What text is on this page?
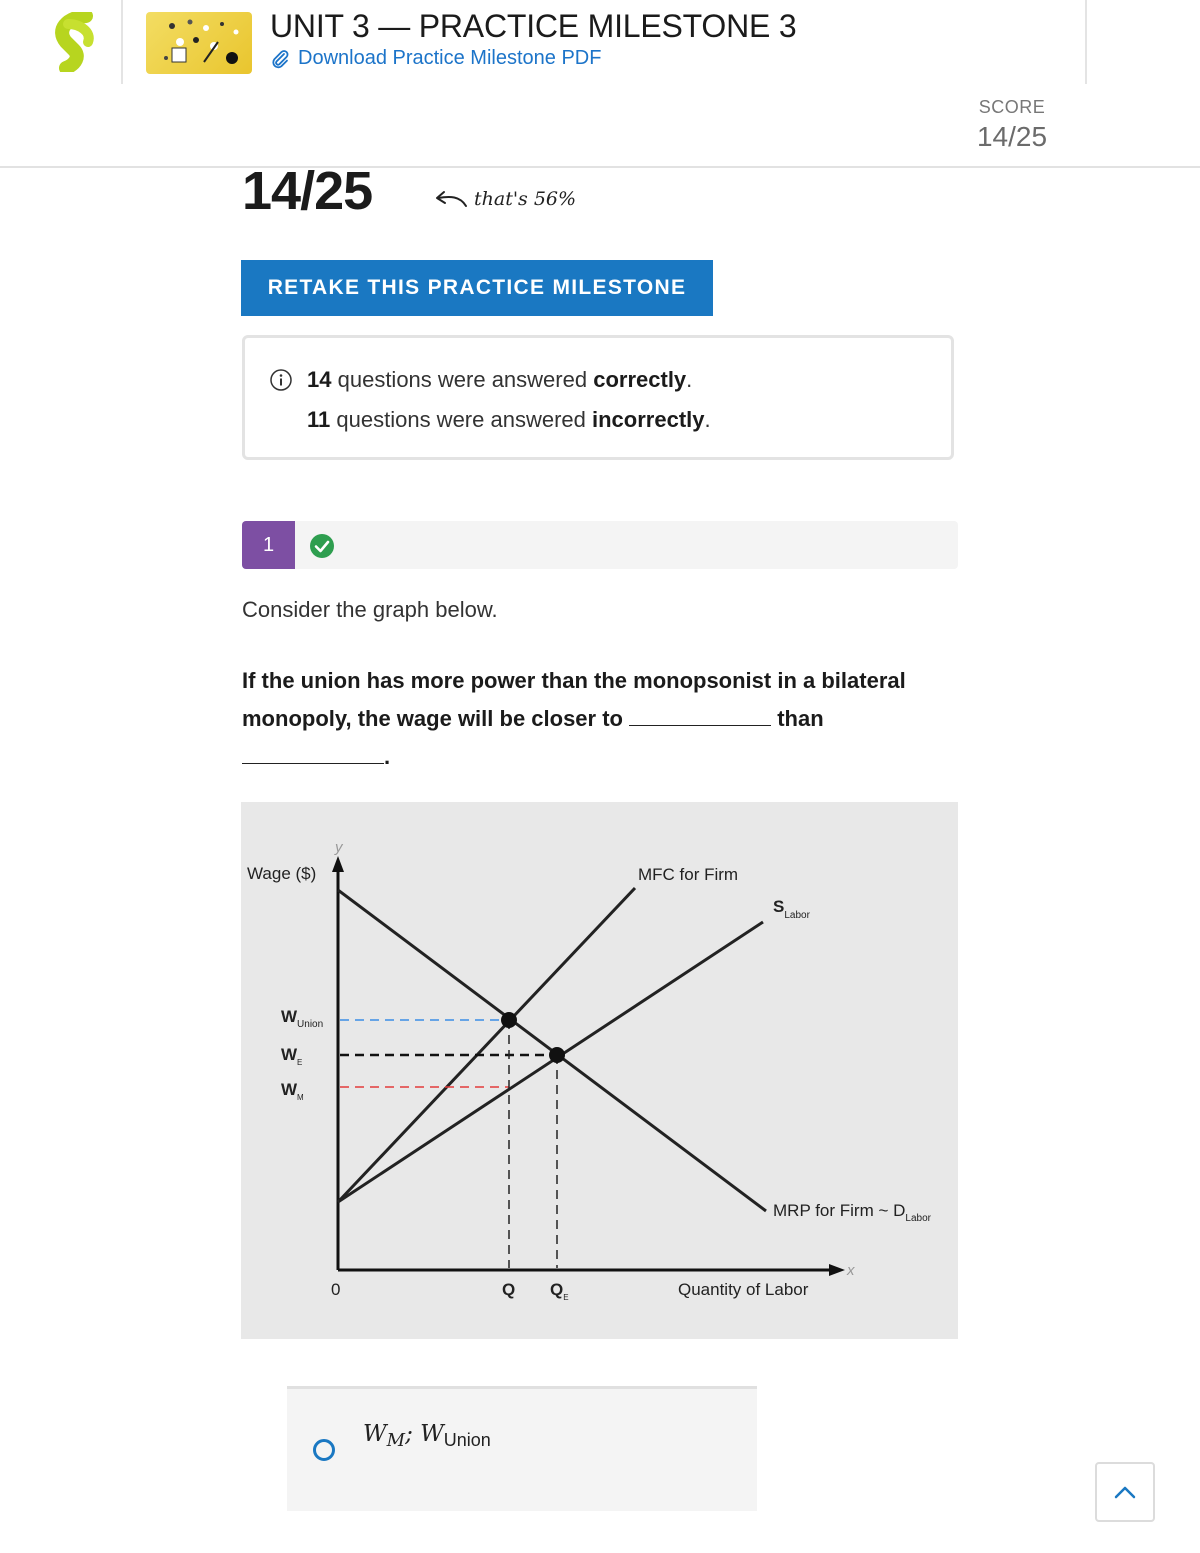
UNIT 3 — PRACTICE MILESTONE 3
Download Practice Milestone PDF
SCORE
14/25
14/25	that's 56%
RETAKE THIS PRACTICE MILESTONE
14 questions were answered correctly.
11 questions were answered incorrectly.
1
Consider the graph below.
If the union has more power than the monopsonist in a bilateral monopoly, the wage will be closer to	than
.
y
x
Wage ($)
Quantity of Labor
0
$W_{Union}$
$W_E$
$W_M$
Q $Q_E$
MFC for Firm
$S_{Labor}$
MRP for Firm ~ $D_{Labor}$
$W_M$; $W_{Union}$
